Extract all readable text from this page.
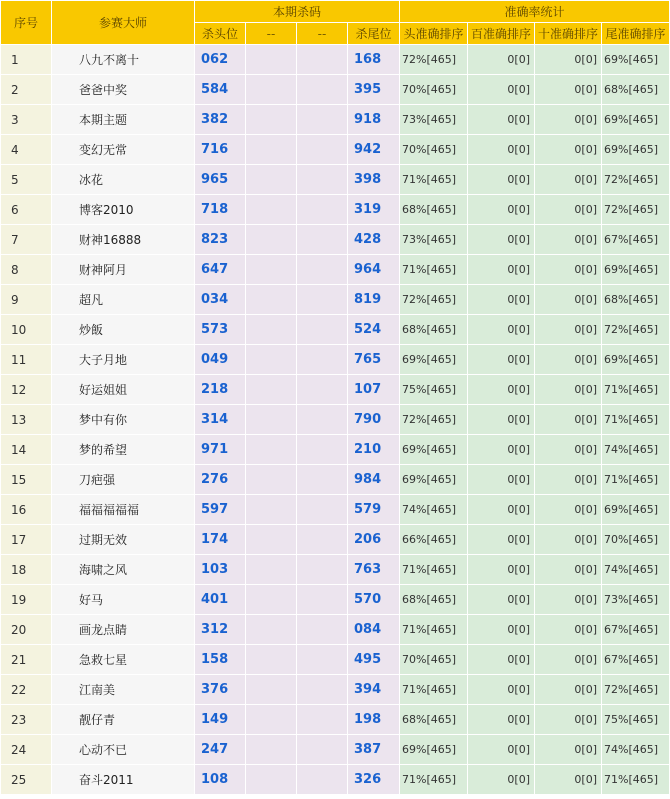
序号	参赛大师	本期杀码				准确率统计			
		杀头位	--	--	杀尾位	头准确排序	百准确排序	十准确排序	尾准确排序
1	八九不离十	062			168	72%[465]	0[0]	0[0]	69%[465]
2	爸爸中奖	584			395	70%[465]	0[0]	0[0]	68%[465]
3	本期主题	382			918	73%[465]	0[0]	0[0]	69%[465]
4	变幻无常	716			942	70%[465]	0[0]	0[0]	69%[465]
5	冰花	965			398	71%[465]	0[0]	0[0]	72%[465]
6	博客2010	718			319	68%[465]	0[0]	0[0]	72%[465]
7	财神16888	823			428	73%[465]	0[0]	0[0]	67%[465]
8	财神阿月	647			964	71%[465]	0[0]	0[0]	69%[465]
9	超凡	034			819	72%[465]	0[0]	0[0]	68%[465]
10	炒飯	573			524	68%[465]	0[0]	0[0]	72%[465]
11	大子月地	049			765	69%[465]	0[0]	0[0]	69%[465]
12	好运姐姐	218			107	75%[465]	0[0]	0[0]	71%[465]
13	梦中有你	314			790	72%[465]	0[0]	0[0]	71%[465]
14	梦的希望	971			210	69%[465]	0[0]	0[0]	74%[465]
15	刀疤强	276			984	69%[465]	0[0]	0[0]	71%[465]
16	福福福福福	597			579	74%[465]	0[0]	0[0]	69%[465]
17	过期无效	174			206	66%[465]	0[0]	0[0]	70%[465]
18	海啸之风	103			763	71%[465]	0[0]	0[0]	74%[465]
19	好马	401			570	68%[465]	0[0]	0[0]	73%[465]
20	画龙点睛	312			084	71%[465]	0[0]	0[0]	67%[465]
21	急救七星	158			495	70%[465]	0[0]	0[0]	67%[465]
22	江南美	376			394	71%[465]	0[0]	0[0]	72%[465]
23	靓仔青	149			198	68%[465]	0[0]	0[0]	75%[465]
24	心动不已	247			387	69%[465]	0[0]	0[0]	74%[465]
25	奋斗2011	108			326	71%[465]	0[0]	0[0]	71%[465]
